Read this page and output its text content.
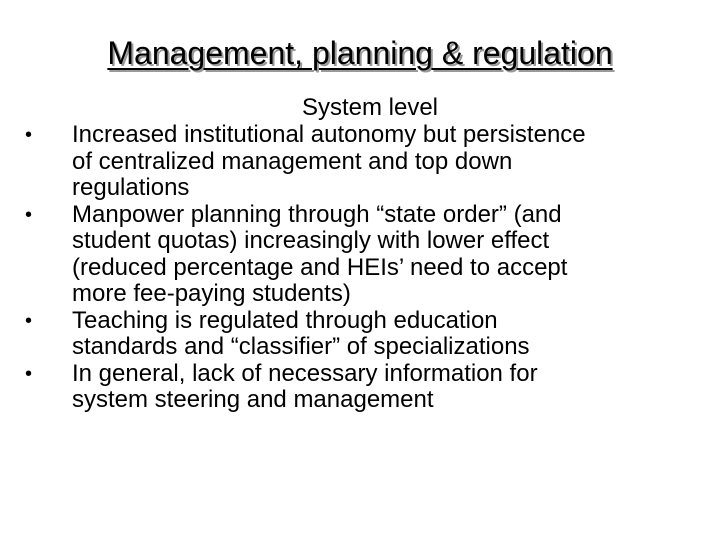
Management, planning & regulation
System level
•	Increased institutional autonomy but persistence
of centralized management and top down
regulations
•	Manpower planning through “state order” (and
student quotas) increasingly with lower effect
(reduced percentage and HEIs’ need to accept
more fee-paying students)
•	Teaching is regulated through education
standards and “classifier” of specializations
•	In general, lack of necessary information for
system steering and management
